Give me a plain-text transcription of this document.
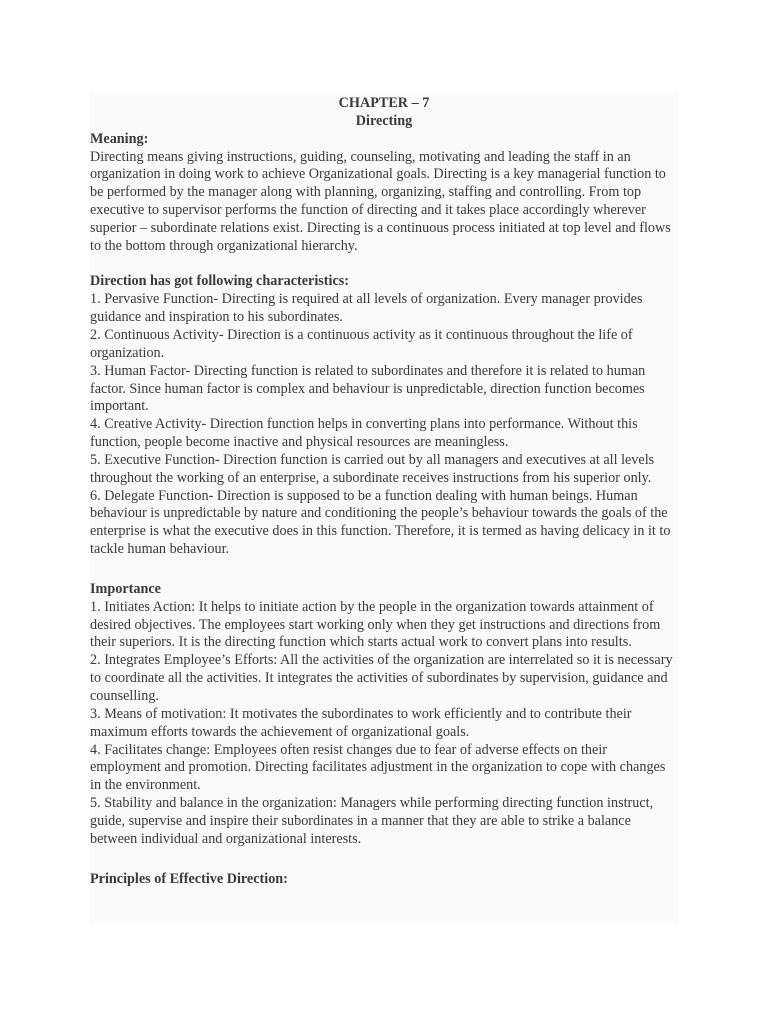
CHAPTER – 7

Directing

Meaning:

Directing means giving instructions, guiding, counseling, motivating and leading the staff in an organization in doing work to achieve Organizational goals. Directing is a key managerial function to be performed by the manager along with planning, organizing, staffing and controlling. From top executive to supervisor performs the function of directing and it takes place accordingly wherever superior – subordinate relations exist. Directing is a continuous process initiated at top level and flows to the bottom through organizational hierarchy.

Direction has got following characteristics:

1. Pervasive Function- Directing is required at all levels of organization. Every manager provides guidance and inspiration to his subordinates.

2. Continuous Activity- Direction is a continuous activity as it continuous throughout the life of organization.

3. Human Factor- Directing function is related to subordinates and therefore it is related to human factor. Since human factor is complex and behaviour is unpredictable, direction function becomes important.

4. Creative Activity- Direction function helps in converting plans into performance. Without this function, people become inactive and physical resources are meaningless.

5. Executive Function- Direction function is carried out by all managers and executives at all levels throughout the working of an enterprise, a subordinate receives instructions from his superior only.

6. Delegate Function- Direction is supposed to be a function dealing with human beings. Human behaviour is unpredictable by nature and conditioning the people’s behaviour towards the goals of the enterprise is what the executive does in this function. Therefore, it is termed as having delicacy in it to tackle human behaviour.

Importance

1. Initiates Action: It helps to initiate action by the people in the organization towards attainment of desired objectives. The employees start working only when they get instructions and directions from their superiors. It is the directing function which starts actual work to convert plans into results.

2. Integrates Employee’s Efforts: All the activities of the organization are interrelated so it is necessary to coordinate all the activities. It integrates the activities of subordinates by supervision, guidance and counselling.

3. Means of motivation: It motivates the subordinates to work efficiently and to contribute their maximum efforts towards the achievement of organizational goals.

4. Facilitates change: Employees often resist changes due to fear of adverse effects on their employment and promotion. Directing facilitates adjustment in the organization to cope with changes in the environment.

5. Stability and balance in the organization: Managers while performing directing function instruct, guide, supervise and inspire their subordinates in a manner that they are able to strike a balance between individual and organizational interests.

Principles of Effective Direction:
